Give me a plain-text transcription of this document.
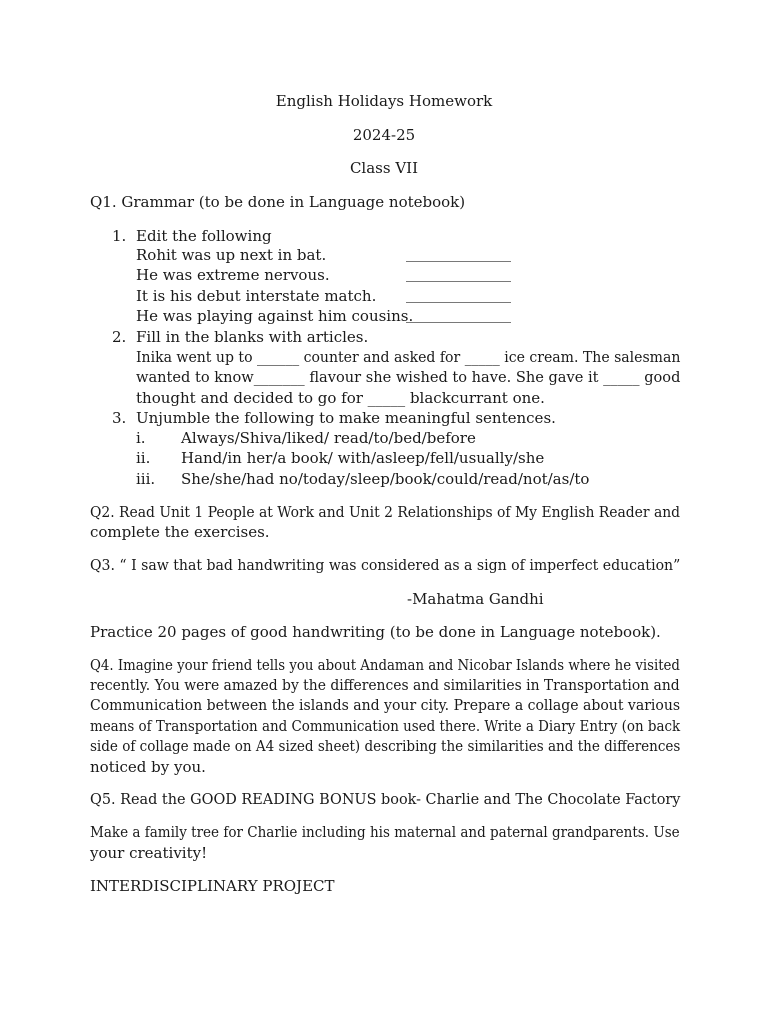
English Holidays Homework
2024-25
Class VII
Q1. Grammar (to be done in Language notebook)
1. Edit the following
Rohit was up next in bat.	______________
He was extreme nervous.	______________
It is his debut interstate match. ______________
He was playing against him cousins.
______________
2. Fill in the blanks with articles.
Inika went up to ______ counter and asked for _____ ice cream. The salesman
wanted to know_______ flavour she wished to have. She gave it _____ good
thought and decided to go for _____ blackcurrant one.
3. Unjumble the following to make meaningful sentences.
i. Always/Shiva/liked/ read/to/bed/before
ii. Hand/in her/a book/ with/asleep/fell/usually/she
iii. She/she/had no/today/sleep/book/could/read/not/as/to
Q2. Read Unit 1 People at Work and Unit 2 Relationships of My English Reader and
complete the exercises.
Q3. “ I saw that bad handwriting was considered as a sign of imperfect education”
-Mahatma Gandhi
Practice 20 pages of good handwriting (to be done in Language notebook).
Q4. Imagine your friend tells you about Andaman and Nicobar Islands where he visited
recently. You were amazed by the differences and similarities in Transportation and
Communication between the islands and your city. Prepare a collage about various
means of Transportation and Communication used there. Write a Diary Entry (on back
side of collage made on A4 sized sheet) describing the similarities and the differences
noticed by you.
Q5. Read the GOOD READING BONUS book- Charlie and The Chocolate Factory
Make a family tree for Charlie including his maternal and paternal grandparents. Use
your creativity!
INTERDISCIPLINARY PROJECT
